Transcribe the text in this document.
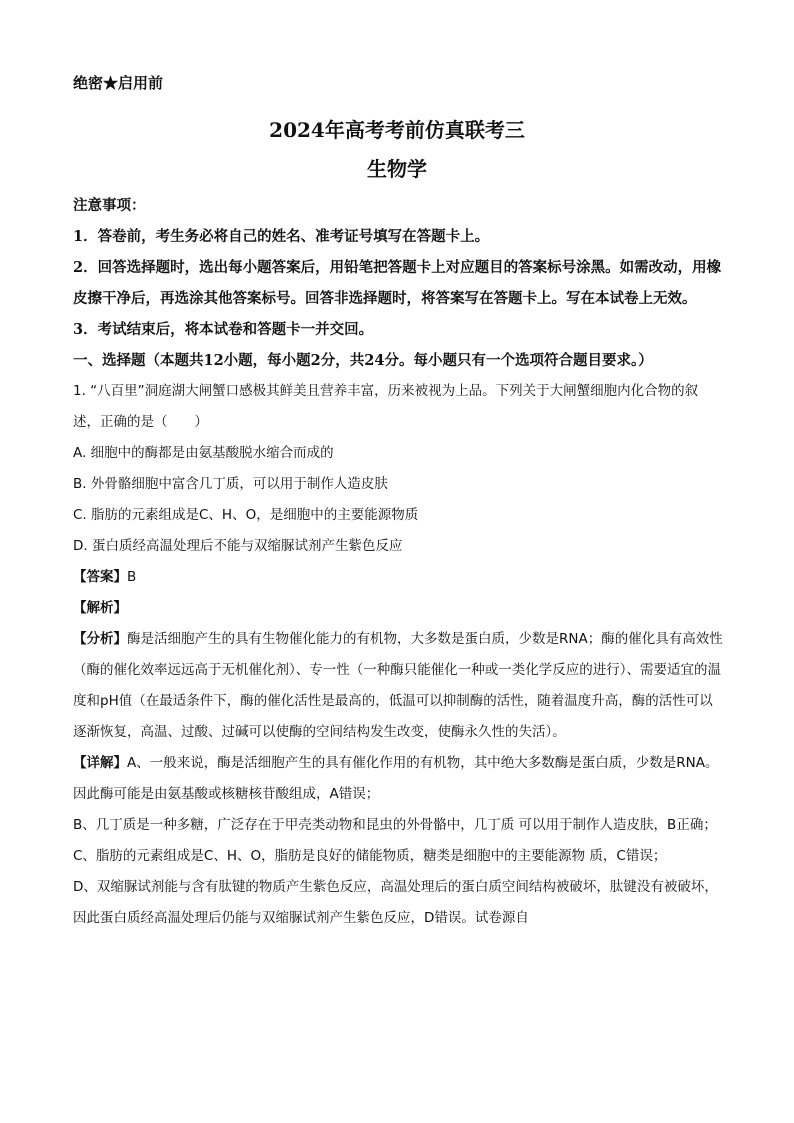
绝密★启用前
2024年高考考前仿真联考三
生物学

注意事项：

1．答卷前，考生务必将自己的姓名、准考证号填写在答题卡上。

2．回答选择题时，选出每小题答案后，用铅笔把答题卡上对应题目的答案标号涂黑。如需改动，用橡皮擦干净后，再选涂其他答案标号。回答非选择题时，将答案写在答题卡上。写在本试卷上无效。

3．考试结束后，将本试卷和答题卡一并交回。

一、选择题（本题共12小题，每小题2分，共24分。每小题只有一个选项符合题目要求。）

1. “八百里”洞庭湖大闸蟹口感极其鲜美且营养丰富，历来被视为上品。下列关于大闸蟹细胞内化合物的叙述，正确的是（　　）

A. 细胞中的酶都是由氨基酸脱水缩合而成的

B. 外骨骼细胞中富含几丁质，可以用于制作人造皮肤

C. 脂肪的元素组成是C、H、O，是细胞中的主要能源物质

D. 蛋白质经高温处理后不能与双缩脲试剂产生紫色反应

【答案】B

【解析】

【分析】酶是活细胞产生的具有生物催化能力的有机物，大多数是蛋白质，少数是RNA；酶的催化具有高效性（酶的催化效率远远高于无机催化剂）、专一性（一种酶只能催化一种或一类化学反应的进行）、需要适宜的温度和pH值（在最适条件下，酶的催化活性是最高的，低温可以抑制酶的活性，随着温度升高，酶的活性可以逐渐恢复，高温、过酸、过碱可以使酶的空间结构发生改变，使酶永久性的失活）。

【详解】A、一般来说，酶是活细胞产生的具有催化作用的有机物，其中绝大多数酶是蛋白质，少数是RNA。因此酶可能是由氨基酸或核糖核苷酸组成，A错误；

B、几丁质是一种多糖，广泛存在于甲壳类动物和昆虫的外骨骼中，几丁质 可以用于制作人造皮肤，B正确；

C、脂肪的元素组成是C、H、O，脂肪是良好的储能物质，糖类是细胞中的主要能源物 质，C错误；

D、双缩脲试剂能与含有肽键的物质产生紫色反应，高温处理后的蛋白质空间结构被破坏，肽键没有被破坏， 因此蛋白质经高温处理后仍能与双缩脲试剂产生紫色反应，D错误。试卷源自
